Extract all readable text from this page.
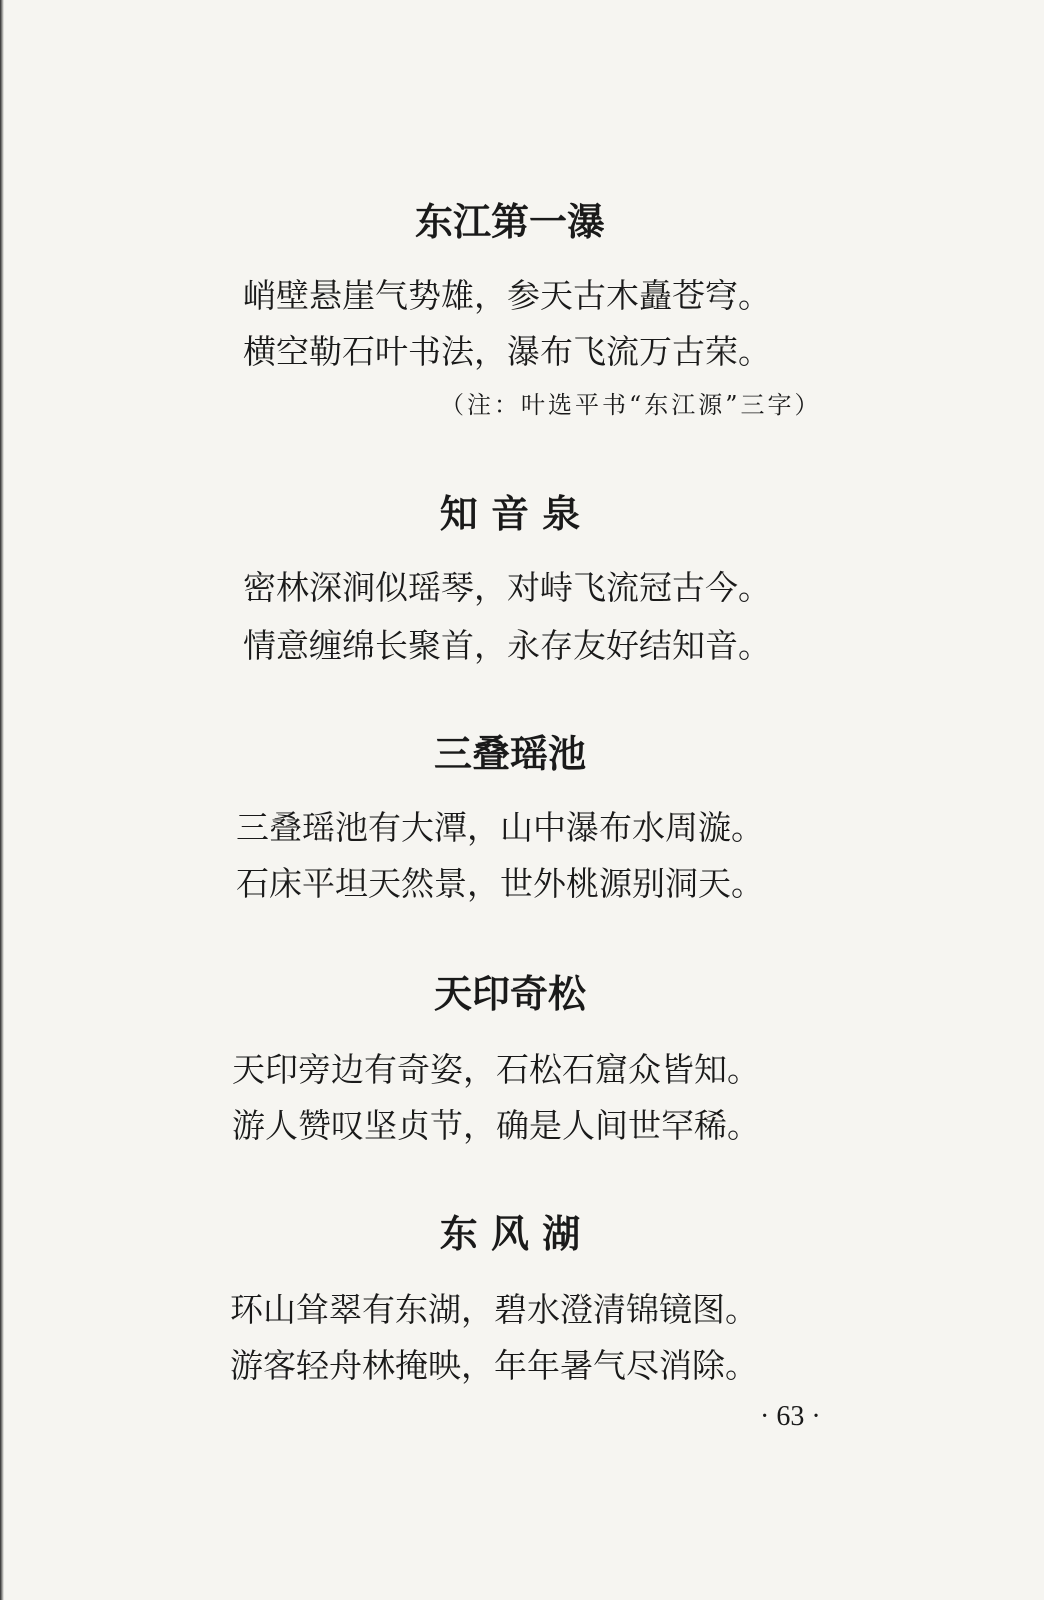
东江第一瀑

峭壁悬崖气势雄，参天古木矗苍穹。

横空勒石叶书法，瀑布飞流万古荣。

（注：叶选平书“东江源”三字）
知 音 泉

密林深涧似瑶琴，对峙飞流冠古今。

情意缠绵长聚首，永存友好结知音。

三叠瑶池

三叠瑶池有大潭，山中瀑布水周漩。

石床平坦天然景，世外桃源别洞天。

天印奇松

天印旁边有奇姿，石松石窟众皆知。

游人赞叹坚贞节，确是人间世罕稀。

东 风 湖

环山耸翠有东湖，碧水澄清锦镜图。

游客轻舟林掩映，年年暑气尽消除。

· 63 ·
